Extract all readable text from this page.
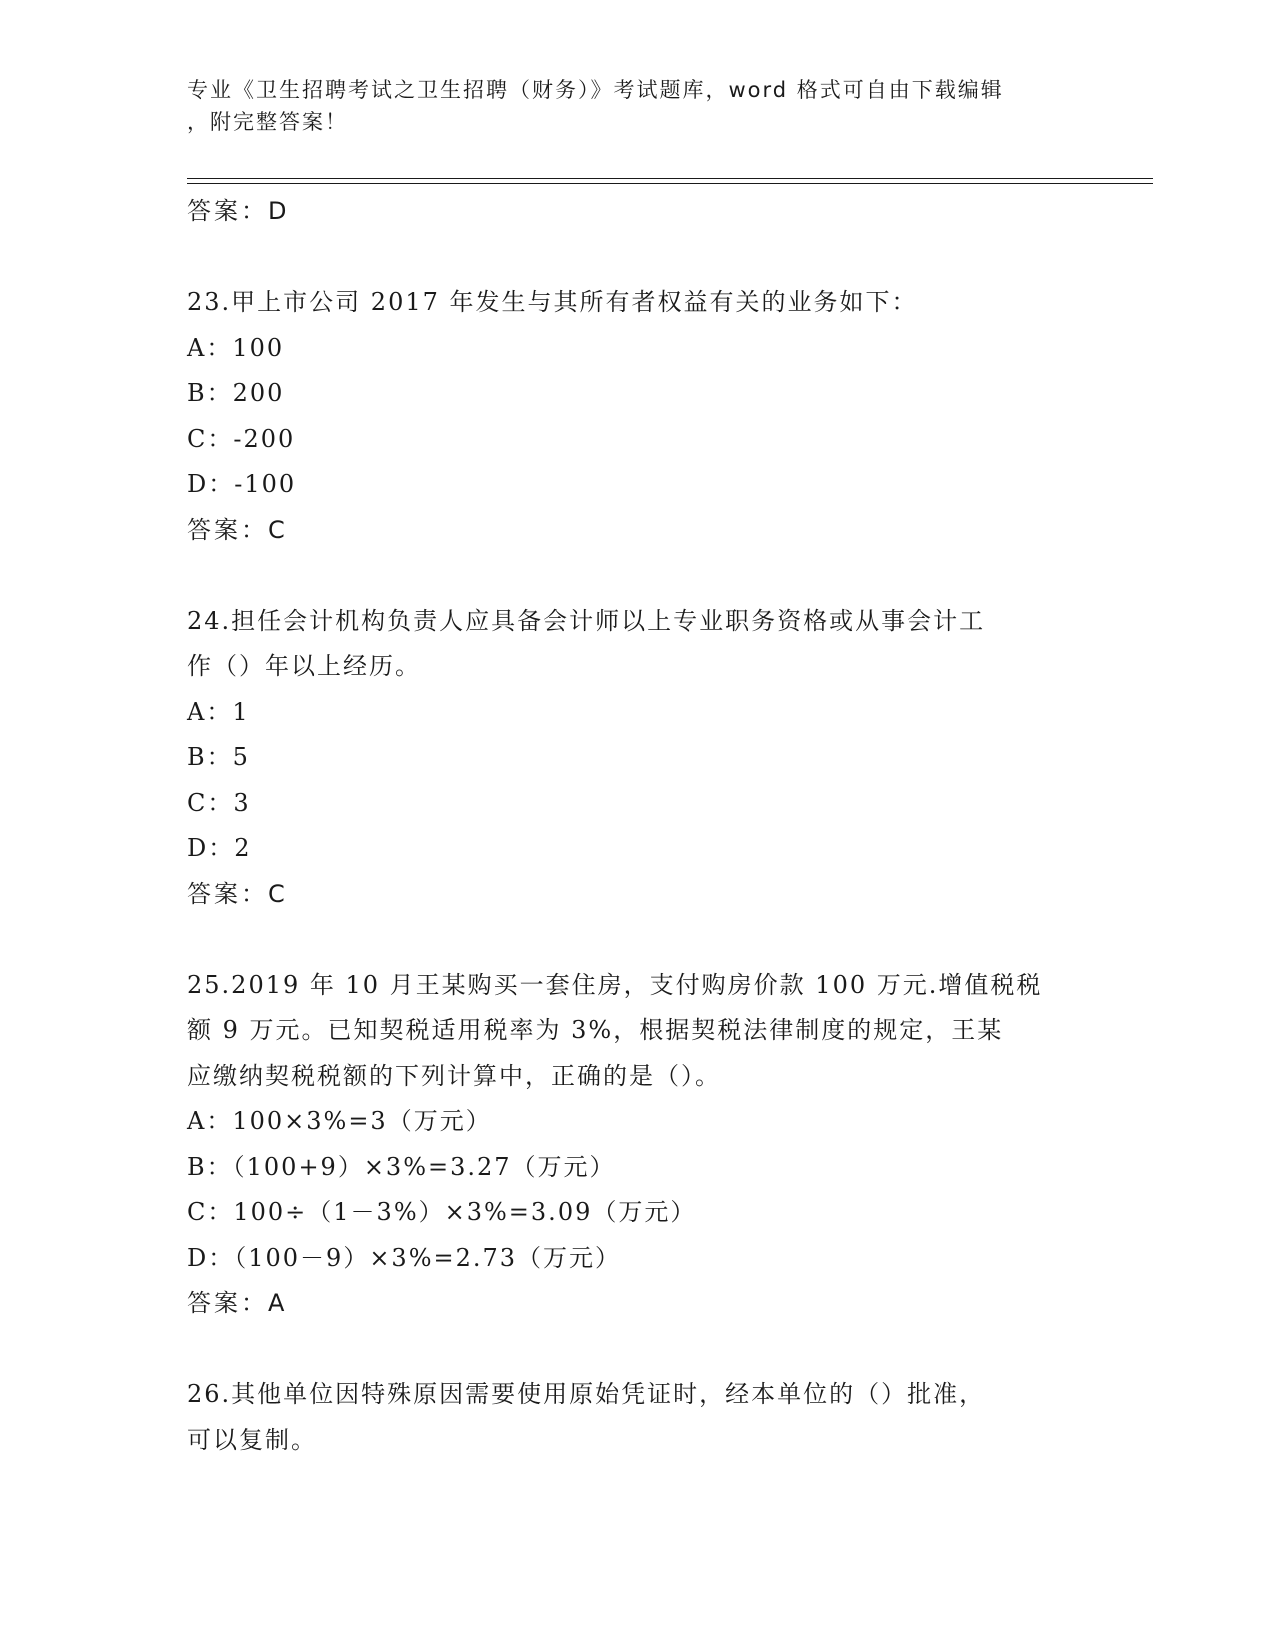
专业《卫生招聘考试之卫生招聘（财务）》考试题库，word 格式可自由下载编辑
，附完整答案！
答案：D
23.甲上市公司 2017 年发生与其所有者权益有关的业务如下：
A：100
B：200
C：-200
D：-100
答案：C
24.担任会计机构负责人应具备会计师以上专业职务资格或从事会计工
作（）年以上经历。
A：1
B：5
C：3
D：2
答案：C
25.2019 年 10 月王某购买一套住房，支付购房价款 100 万元.增值税税
额 9 万元。已知契税适用税率为 3%，根据契税法律制度的规定，王某
应缴纳契税税额的下列计算中，正确的是（）。
A：100×3%=3（万元）
B：（100+9）×3%=3.27（万元）
C：100÷（1－3%）×3%=3.09（万元）
D：（100－9）×3%=2.73（万元）
答案：A
26.其他单位因特殊原因需要使用原始凭证时，经本单位的（）批准，
可以复制。
